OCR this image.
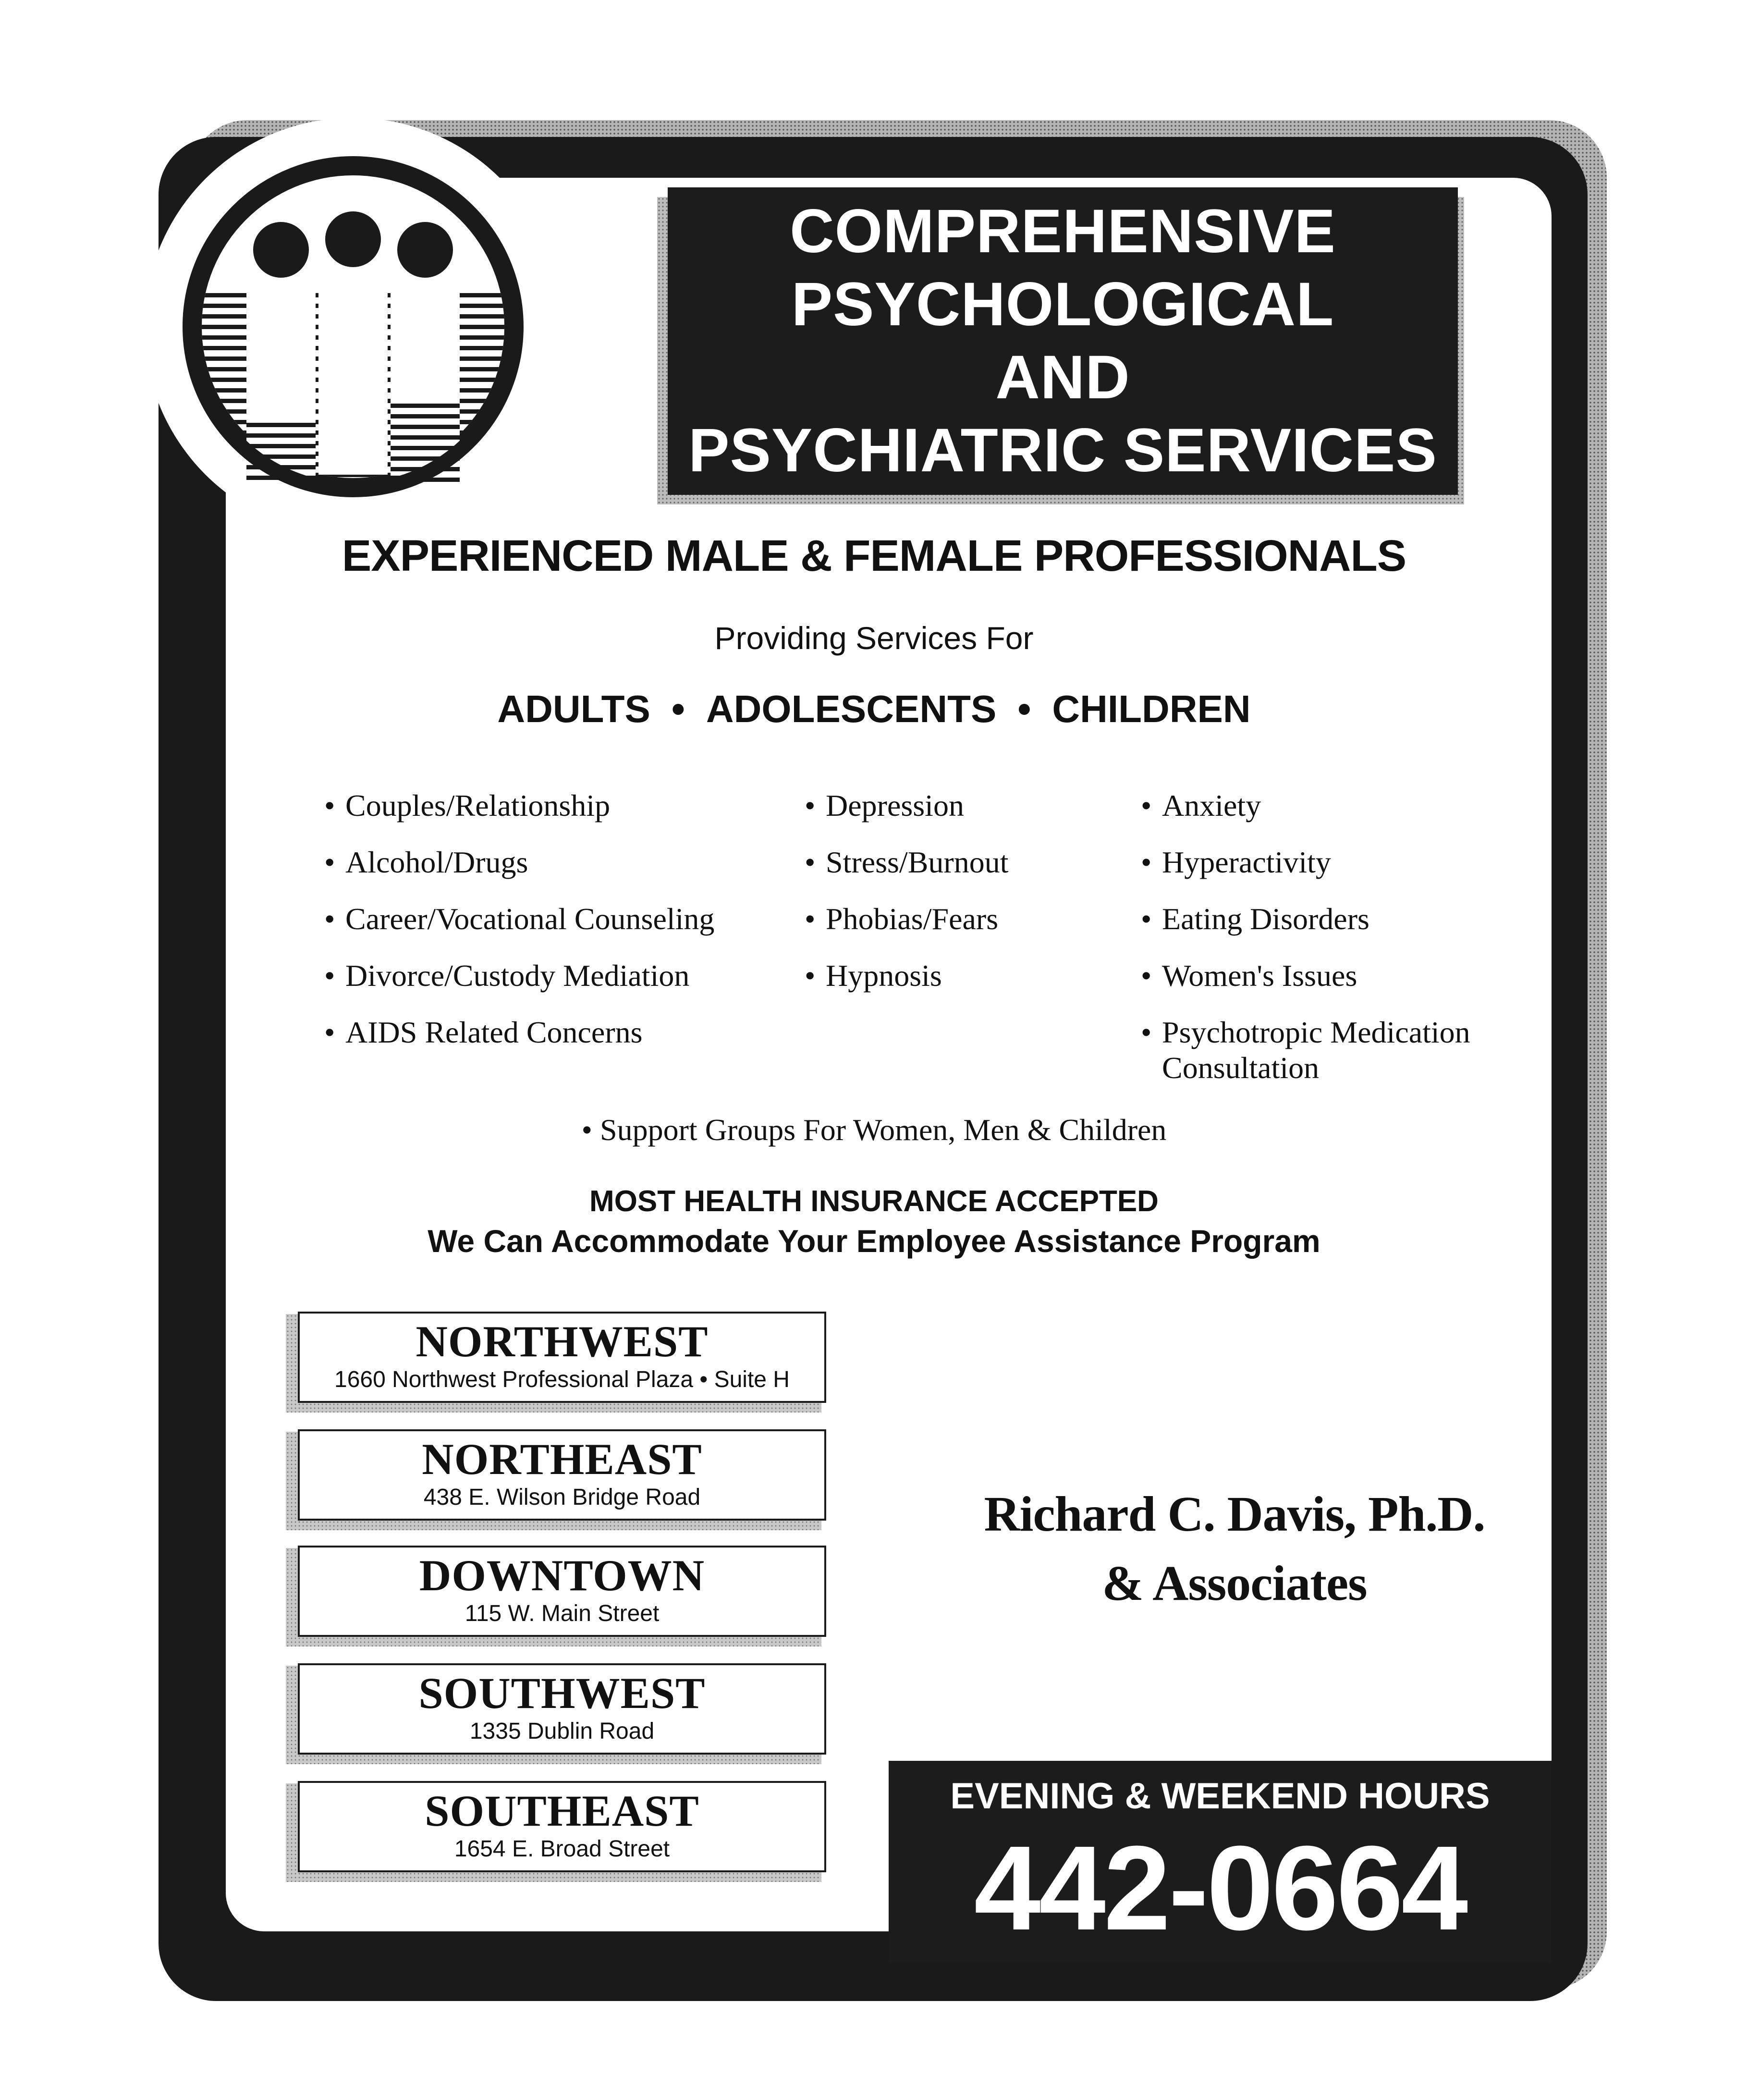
COMPREHENSIVE
PSYCHOLOGICAL
AND
PSYCHIATRIC SERVICES
EXPERIENCED MALE & FEMALE PROFESSIONALS
Providing Services For
ADULTS • ADOLESCENTS • CHILDREN
• Couples/Relationship
• Alcohol/Drugs
• Career/Vocational Counseling
• Divorce/Custody Mediation
• AIDS Related Concerns
• Depression
• Stress/Burnout
• Phobias/Fears
• Hypnosis
• Anxiety
• Hyperactivity
• Eating Disorders
• Women's Issues
• Psychotropic Medication Consultation
• Support Groups For Women, Men & Children
MOST HEALTH INSURANCE ACCEPTED
We Can Accommodate Your Employee Assistance Program
NORTHWEST
1660 Northwest Professional Plaza • Suite H
NORTHEAST
438 E. Wilson Bridge Road
DOWNTOWN
115 W. Main Street
SOUTHWEST
1335 Dublin Road
SOUTHEAST
1654 E. Broad Street
Richard C. Davis, Ph.D.
& Associates
EVENING & WEEKEND HOURS
442-0664
